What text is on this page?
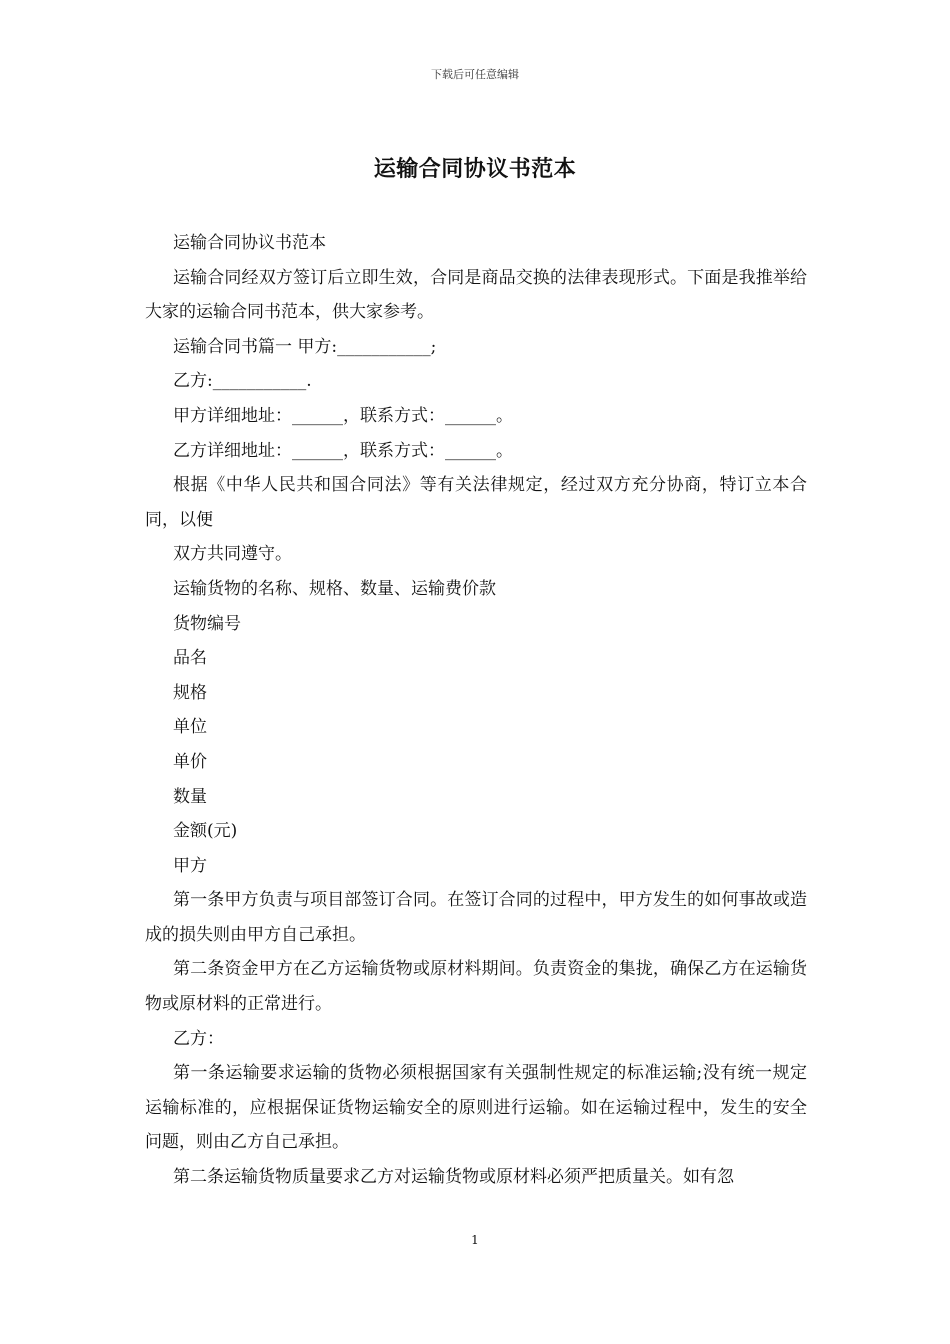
下载后可任意编辑
运输合同协议书范本

运输合同协议书范本

运输合同经双方签订后立即生效，合同是商品交换的法律表现形式。下面是我推举给大家的运输合同书范本，供大家参考。

运输合同书篇一 甲方:___________;

乙方:___________.

甲方详细地址：______，联系方式：______。

乙方详细地址：______，联系方式：______。

根据《中华人民共和国合同法》等有关法律规定，经过双方充分协商，特订立本合同，以便

双方共同遵守。

运输货物的名称、规格、数量、运输费价款

货物编号

品名

规格

单位

单价

数量

金额(元)

甲方

第一条甲方负责与项目部签订合同。在签订合同的过程中，甲方发生的如何事故或造成的损失则由甲方自己承担。

第二条资金甲方在乙方运输货物或原材料期间。负责资金的集拢，确保乙方在运输货物或原材料的正常进行。

乙方：

第一条运输要求运输的货物必须根据国家有关强制性规定的标准运输;没有统一规定运输标准的，应根据保证货物运输安全的原则进行运输。如在运输过程中，发生的安全问题，则由乙方自己承担。

第二条运输货物质量要求乙方对运输货物或原材料必须严把质量关。如有忽

1
